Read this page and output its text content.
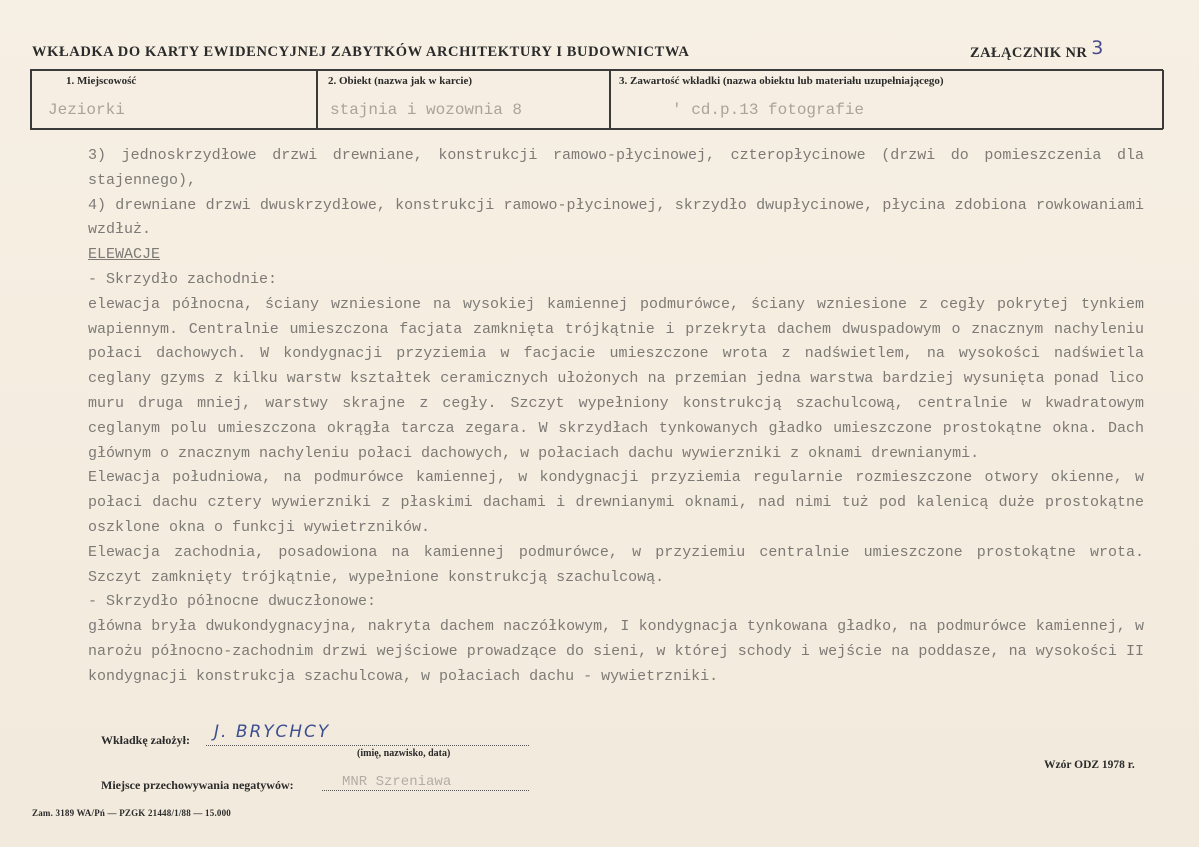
WKŁADKA DO KARTY EWIDENCYJNEJ ZABYTKÓW ARCHITEKTURY I BUDOWNICTWA	ZAŁĄCZNIK NR 3
1. Miejscowość
Jeziorki
2. Obiekt (nazwa jak w karcie)
stajnia i wozownia 8
3. Zawartość wkładki (nazwa obiektu lub materiału uzupełniającego)
' cd.p.13 fotografie

3) jednoskrzydłowe drzwi drewniane, konstrukcji ramowo-płycinowej, czteropłycinowe (drzwi do pomieszczenia dla stajennego),

4) drewniane drzwi dwuskrzydłowe, konstrukcji ramowo-płycinowej, skrzydło dwupłycinowe, płycina zdobiona rowkowaniami wzdłuż.

ELEWACJE

- Skrzydło zachodnie:

elewacja północna, ściany wzniesione na wysokiej kamiennej podmurówce, ściany wzniesione z cegły pokrytej tynkiem wapiennym. Centralnie umieszczona facjata zamknięta trójkątnie i przekryta dachem dwuspadowym o znacznym nachyleniu połaci dachowych. W kondygnacji przyziemia w facjacie umieszczone wrota z nadświetlem, na wysokości nadświetla ceglany gzyms z kilku warstw kształtek ceramicznych ułożonych na przemian jedna warstwa bardziej wysunięta ponad lico muru druga mniej, warstwy skrajne z cegły. Szczyt wypełniony konstrukcją szachulcową, centralnie w kwadratowym ceglanym polu umieszczona okrągła tarcza zegara. W skrzydłach tynkowanych gładko umieszczone prostokątne okna. Dach głównym o znacznym nachyleniu połaci dachowych, w połaciach dachu wywierzniki z oknami drewnianymi.

Elewacja południowa, na podmurówce kamiennej, w kondygnacji przyziemia regularnie rozmieszczone otwory okienne, w połaci dachu cztery wywierzniki z płaskimi dachami i drewnianymi oknami, nad nimi tuż pod kalenicą duże prostokątne oszklone okna o funkcji wywietrzników.

Elewacja zachodnia, posadowiona na kamiennej podmurówce, w przyziemiu centralnie umieszczone prostokątne wrota. Szczyt zamknięty trójkątnie, wypełnione konstrukcją szachulcową.

- Skrzydło północne dwuczłonowe:

główna bryła dwukondygnacyjna, nakryta dachem naczółkowym, I kondygnacja tynkowana gładko, na podmurówce kamiennej, w narożu północno-zachodnim drzwi wejściowe prowadzące do sieni, w której schody i wejście na poddasze, na wysokości II kondygnacji konstrukcja szachulcowa, w połaciach dachu - wywietrzniki.

Wkładkę założył: J. BRYCHCY
(imię, nazwisko, data)
Wzór ODZ 1978 r.
Miejsce przechowywania negatywów:	MNR Szreniawa
Zam. 3189 WA/Pń — PZGK 21448/1/88 — 15.000
